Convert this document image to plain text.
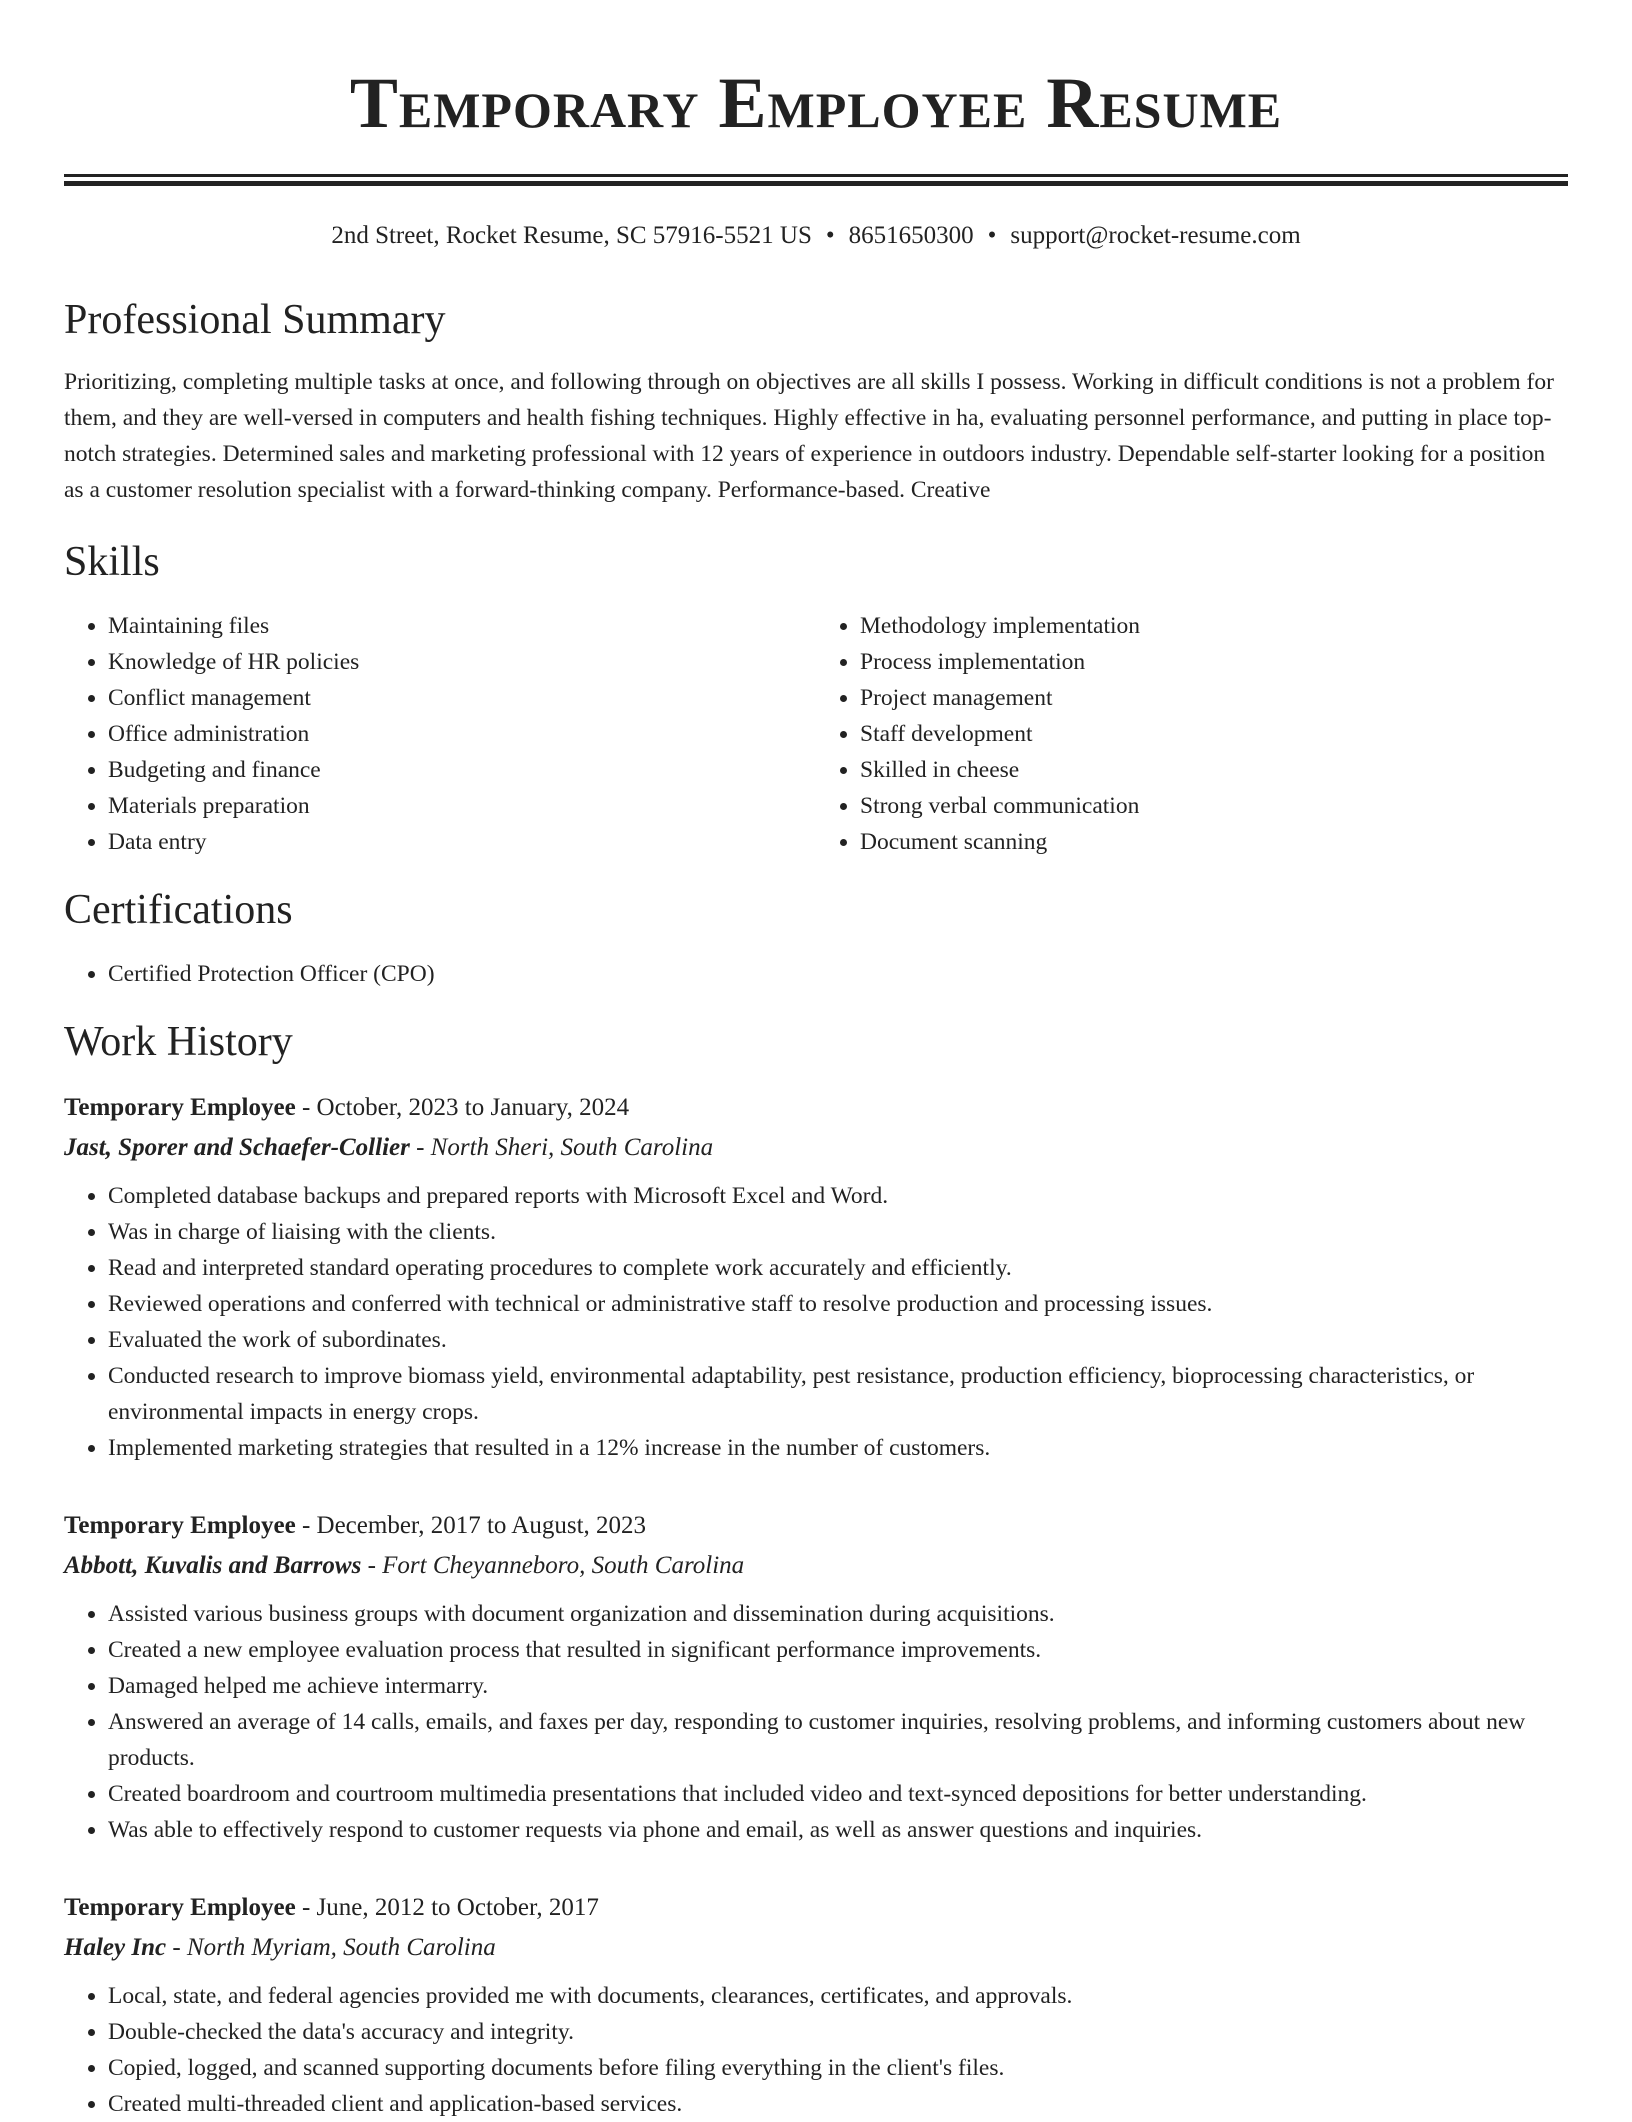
Temporary Employee Resume
2nd Street, Rocket Resume, SC 57916-5521 US • 8651650300 • support@rocket-resume.com
Professional Summary
Prioritizing, completing multiple tasks at once, and following through on objectives are all skills I possess. Working in difficult conditions is not a problem for them, and they are well-versed in computers and health fishing techniques. Highly effective in ha, evaluating personnel performance, and putting in place top-notch strategies. Determined sales and marketing professional with 12 years of experience in outdoors industry. Dependable self-starter looking for a position as a customer resolution specialist with a forward-thinking company. Performance-based. Creative
Skills
• Maintaining files
• Knowledge of HR policies
• Conflict management
• Office administration
• Budgeting and finance
• Materials preparation
• Data entry
• Methodology implementation
• Process implementation
• Project management
• Staff development
• Skilled in cheese
• Strong verbal communication
• Document scanning
Certifications
• Certified Protection Officer (CPO)
Work History
Temporary Employee - October, 2023 to January, 2024
Jast, Sporer and Schaefer-Collier - North Sheri, South Carolina
• Completed database backups and prepared reports with Microsoft Excel and Word.
• Was in charge of liaising with the clients.
• Read and interpreted standard operating procedures to complete work accurately and efficiently.
• Reviewed operations and conferred with technical or administrative staff to resolve production and processing issues.
• Evaluated the work of subordinates.
• Conducted research to improve biomass yield, environmental adaptability, pest resistance, production efficiency, bioprocessing characteristics, or environmental impacts in energy crops.
• Implemented marketing strategies that resulted in a 12% increase in the number of customers.
Temporary Employee - December, 2017 to August, 2023
Abbott, Kuvalis and Barrows - Fort Cheyanneboro, South Carolina
• Assisted various business groups with document organization and dissemination during acquisitions.
• Created a new employee evaluation process that resulted in significant performance improvements.
• Damaged helped me achieve intermarry.
• Answered an average of 14 calls, emails, and faxes per day, responding to customer inquiries, resolving problems, and informing customers about new products.
• Created boardroom and courtroom multimedia presentations that included video and text-synced depositions for better understanding.
• Was able to effectively respond to customer requests via phone and email, as well as answer questions and inquiries.
Temporary Employee - June, 2012 to October, 2017
Haley Inc - North Myriam, South Carolina
• Local, state, and federal agencies provided me with documents, clearances, certificates, and approvals.
• Double-checked the data's accuracy and integrity.
• Copied, logged, and scanned supporting documents before filing everything in the client's files.
• Created multi-threaded client and application-based services.
